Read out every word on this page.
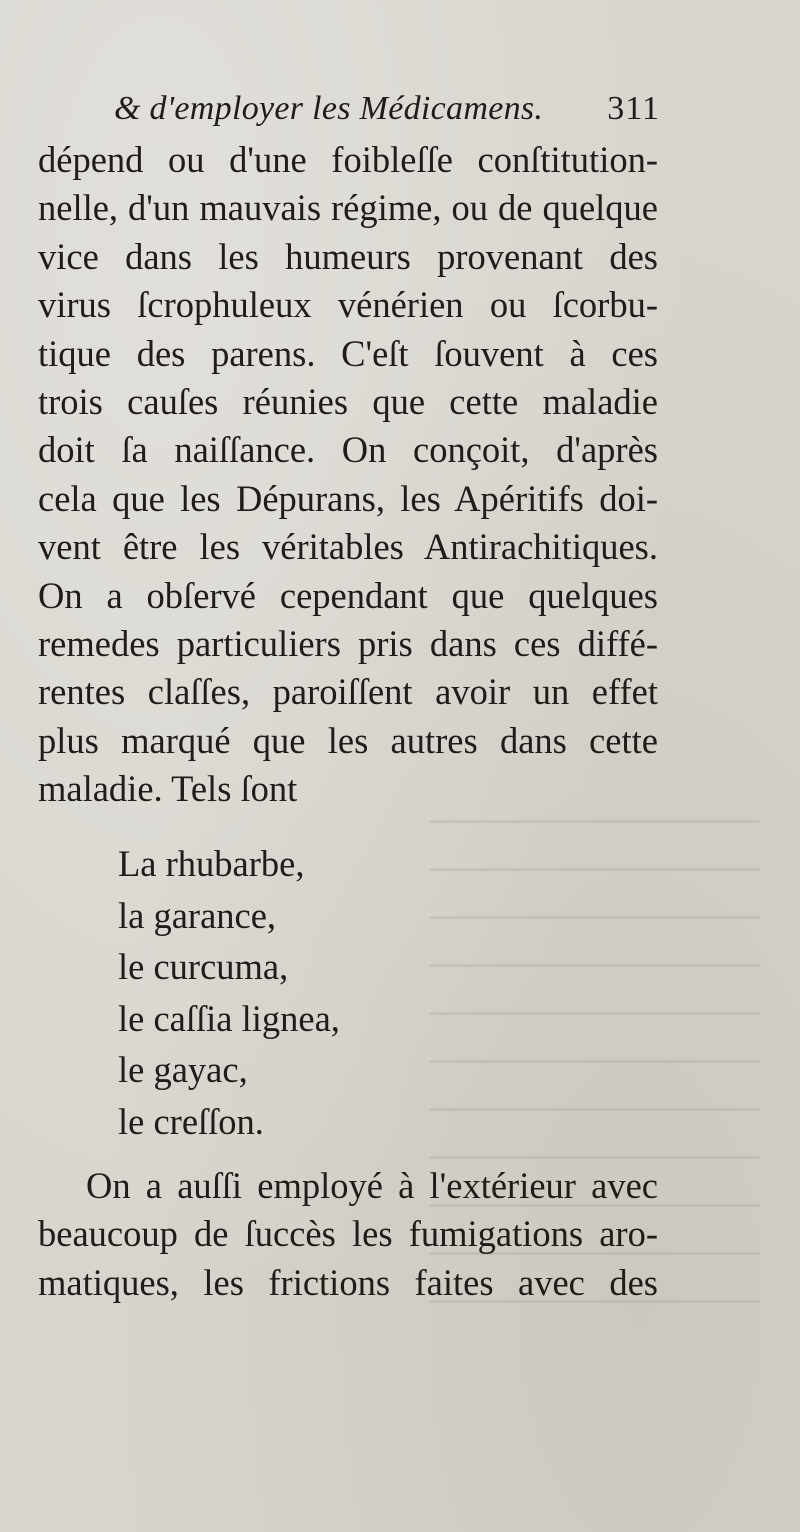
& d'employer les Médicamens. 311
dépend ou d'une foibleſſe conſtitution-
nelle, d'un mauvais régime, ou de quelque
vice dans les humeurs provenant des
virus ſcrophuleux vénérien ou ſcorbu-
tique des parens. C'eſt ſouvent à ces
trois cauſes réunies que cette maladie
doit ſa naiſſance. On conçoit, d'après
cela que les Dépurans, les Apéritifs doi-
vent être les véritables Antirachitiques.
On a obſervé cependant que quelques
remedes particuliers pris dans ces diffé-
rentes claſſes, paroiſſent avoir un effet
plus marqué que les autres dans cette
maladie. Tels ſont
La rhubarbe,
la garance,
le curcuma,
le caſſia lignea,
le gayac,
le creſſon.
On a auſſi employé à l'extérieur avec
beaucoup de ſuccès les fumigations aro-
matiques, les frictions faites avec des
